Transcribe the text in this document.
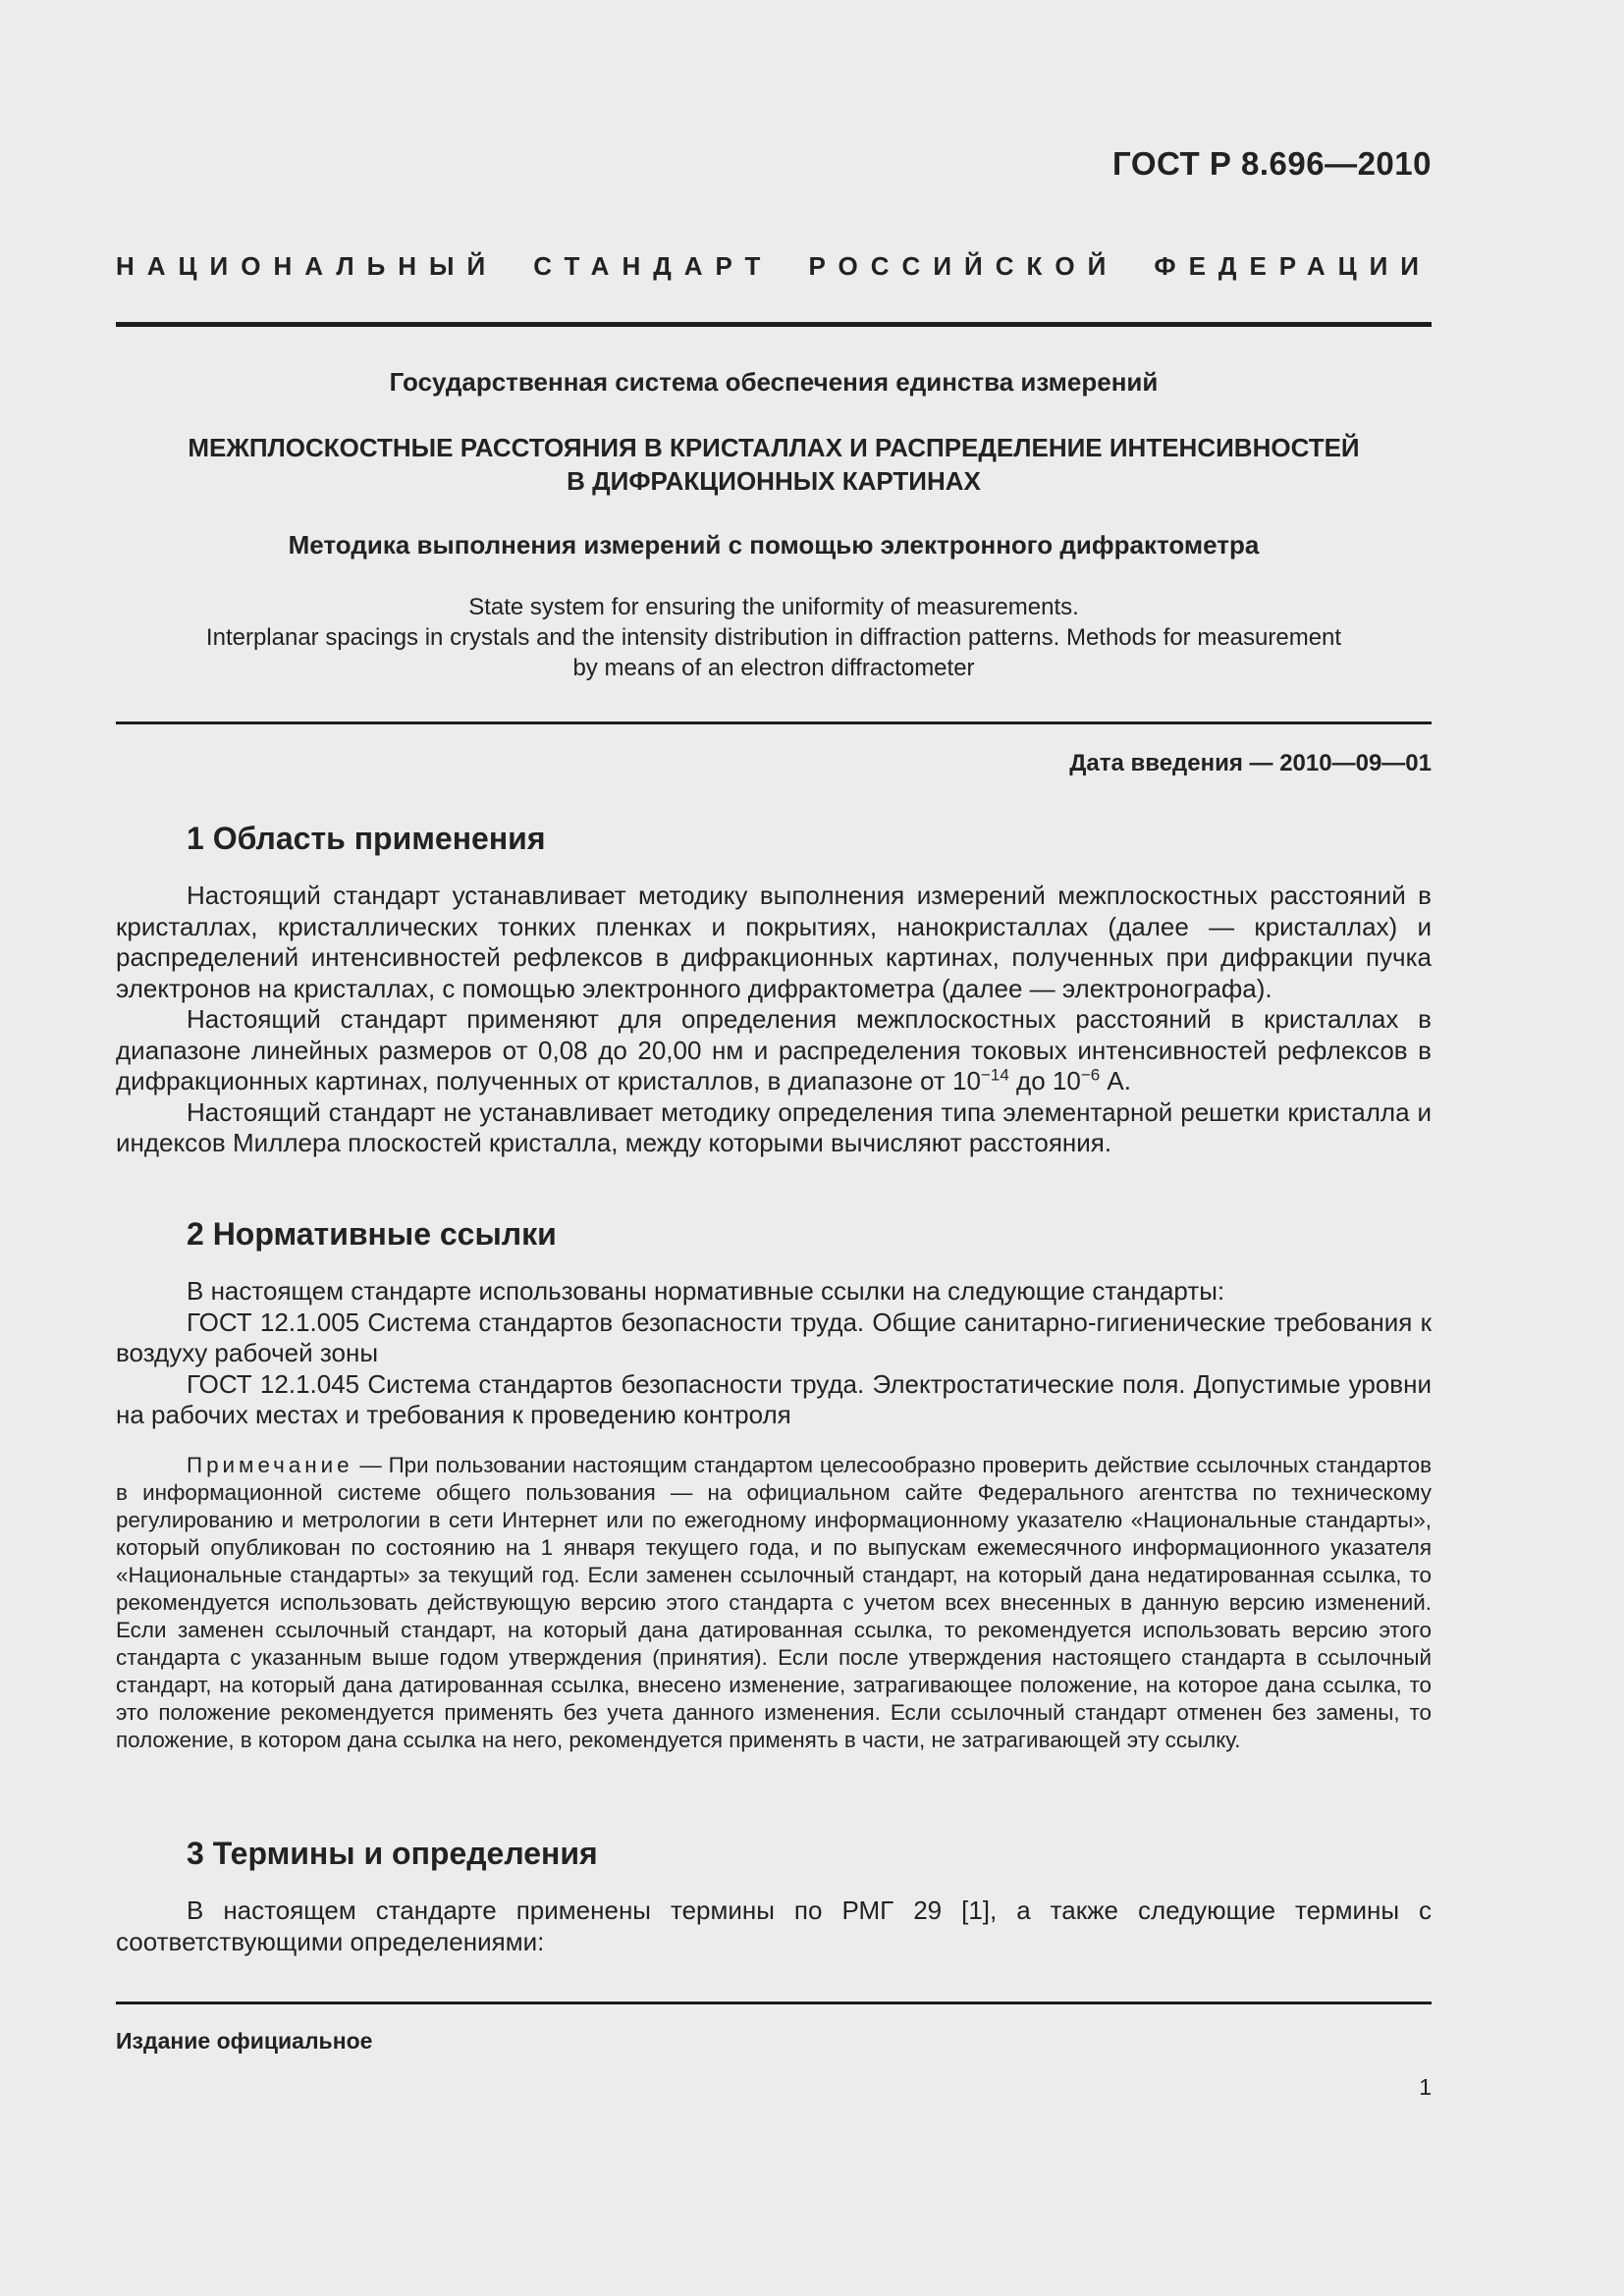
ГОСТ Р 8.696—2010
НАЦИОНАЛЬНЫЙ СТАНДАРТ РОССИЙСКОЙ ФЕДЕРАЦИИ
Государственная система обеспечения единства измерений
МЕЖПЛОСКОСТНЫЕ РАССТОЯНИЯ В КРИСТАЛЛАХ И РАСПРЕДЕЛЕНИЕ ИНТЕНСИВНОСТЕЙ
В ДИФРАКЦИОННЫХ КАРТИНАХ
Методика выполнения измерений с помощью электронного дифрактометра
State system for ensuring the uniformity of measurements.
Interplanar spacings in crystals and the intensity distribution in diffraction patterns. Methods for measurement
by means of an electron diffractometer
Дата введения — 2010—09—01
1 Область применения

Настоящий стандарт устанавливает методику выполнения измерений межплоскостных расстояний в кристаллах, кристаллических тонких пленках и покрытиях, нанокристаллах (далее — кристаллах) и распределений интенсивностей рефлексов в дифракционных картинах, полученных при дифракции пучка электронов на кристаллах, с помощью электронного дифрактометра (далее — электронографа).

Настоящий стандарт применяют для определения межплоскостных расстояний в кристаллах в диапазоне линейных размеров от 0,08 до 20,00 нм и распределения токовых интенсивностей рефлексов в дифракционных картинах, полученных от кристаллов, в диапазоне от $10^{-14}$ до $10^{-6}$ А.

Настоящий стандарт не устанавливает методику определения типа элементарной решетки кристалла и индексов Миллера плоскостей кристалла, между которыми вычисляют расстояния.

2 Нормативные ссылки

В настоящем стандарте использованы нормативные ссылки на следующие стандарты:

ГОСТ 12.1.005 Система стандартов безопасности труда. Общие санитарно-гигиенические требования к воздуху рабочей зоны

ГОСТ 12.1.045 Система стандартов безопасности труда. Электростатические поля. Допустимые уровни на рабочих местах и требования к проведению контроля

Примечание — При пользовании настоящим стандартом целесообразно проверить действие ссылочных стандартов в информационной системе общего пользования — на официальном сайте Федерального агентства по техническому регулированию и метрологии в сети Интернет или по ежегодному информационному указателю «Национальные стандарты», который опубликован по состоянию на 1 января текущего года, и по выпускам ежемесячного информационного указателя «Национальные стандарты» за текущий год. Если заменен ссылочный стандарт, на который дана недатированная ссылка, то рекомендуется использовать действующую версию этого стандарта с учетом всех внесенных в данную версию изменений. Если заменен ссылочный стандарт, на который дана датированная ссылка, то рекомендуется использовать версию этого стандарта с указанным выше годом утверждения (принятия). Если после утверждения настоящего стандарта в ссылочный стандарт, на который дана датированная ссылка, внесено изменение, затрагивающее положение, на которое дана ссылка, то это положение рекомендуется применять без учета данного изменения. Если ссылочный стандарт отменен без замены, то положение, в котором дана ссылка на него, рекомендуется применять в части, не затрагивающей эту ссылку.

3 Термины и определения

В настоящем стандарте применены термины по РМГ 29 [1], а также следующие термины с соответствующими определениями:

Издание официальное
1
